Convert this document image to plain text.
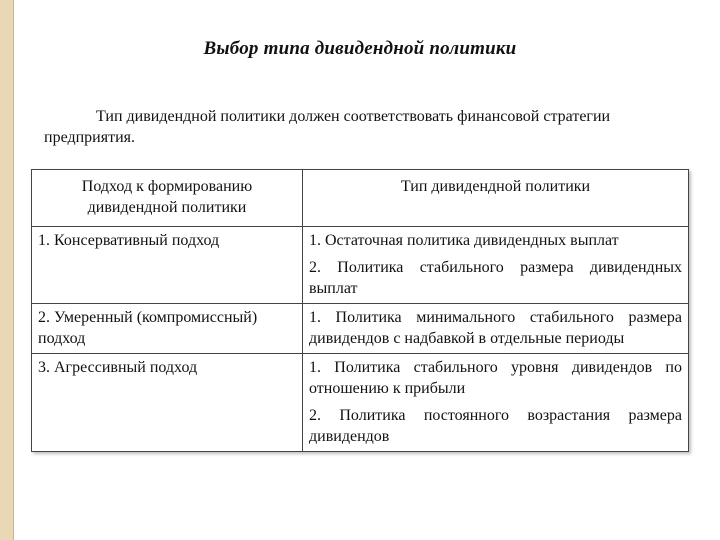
Выбор типа дивидендной политики
Тип дивидендной политики должен соответствовать финансовой стратегии предприятия.
Подход к формированию дивидендной политики	Тип дивидендной политики
1. Консервативный подход	1. Остаточная политика дивидендных выплат
2. Политика стабильного размера дивидендных выплат

2. Умеренный (компромиссный) подход	1. Политика минимального стабильного размера дивидендов с надбавкой в отдельные периоды

3. Агрессивный подход	1. Политика стабильного уровня дивидендов по отношению к прибыли
2. Политика постоянного возрастания размера дивидендов
